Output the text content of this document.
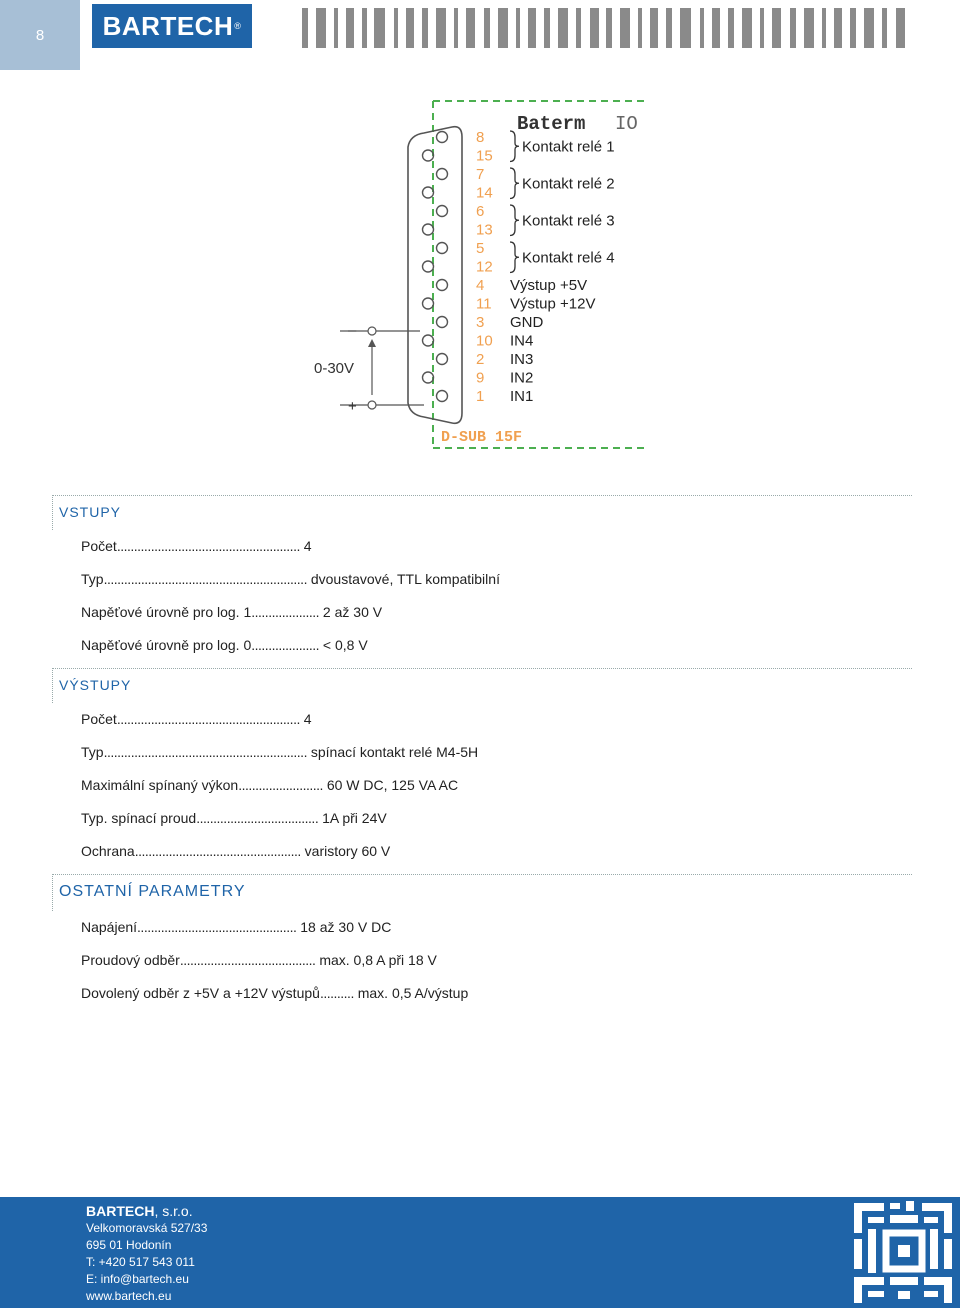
8	BARTECH ®
–
+
0-30V
Baterm IO
D-SUB 15F
8
15
7
14
6
13
5
12
4
11
3
10
2
9
1
Kontakt relé 1
Kontakt relé 2
Kontakt relé 3
Kontakt relé 4
Výstup +5V
Výstup +12V
GND
IN4
IN3
IN2
IN1
VSTUPY
Počet...................................................... 4
Typ............................................................ dvoustavové, TTL kompatibilní
Napěťové úrovně pro log. 1.................... 2 až 30 V
Napěťové úrovně pro log. 0.................... < 0,8 V
VÝSTUPY
Počet...................................................... 4
Typ............................................................ spínací kontakt relé M4-5H
Maximální spínaný výkon......................... 60 W DC, 125 VA AC
Typ. spínací proud.................................... 1A při 24V
Ochrana................................................. varistory 60 V
OSTATNÍ PARAMETRY
Napájení............................................... 18 až 30 V DC
Proudový odběr........................................ max. 0,8 A při 18 V
Dovolený odběr z +5V a +12V výstupů.......... max. 0,5 A/výstup
BARTECH, s.r.o.
Velkomoravská 527/33
695 01 Hodonín
T: +420 517 543 011
E: info@bartech.eu
www.bartech.eu
